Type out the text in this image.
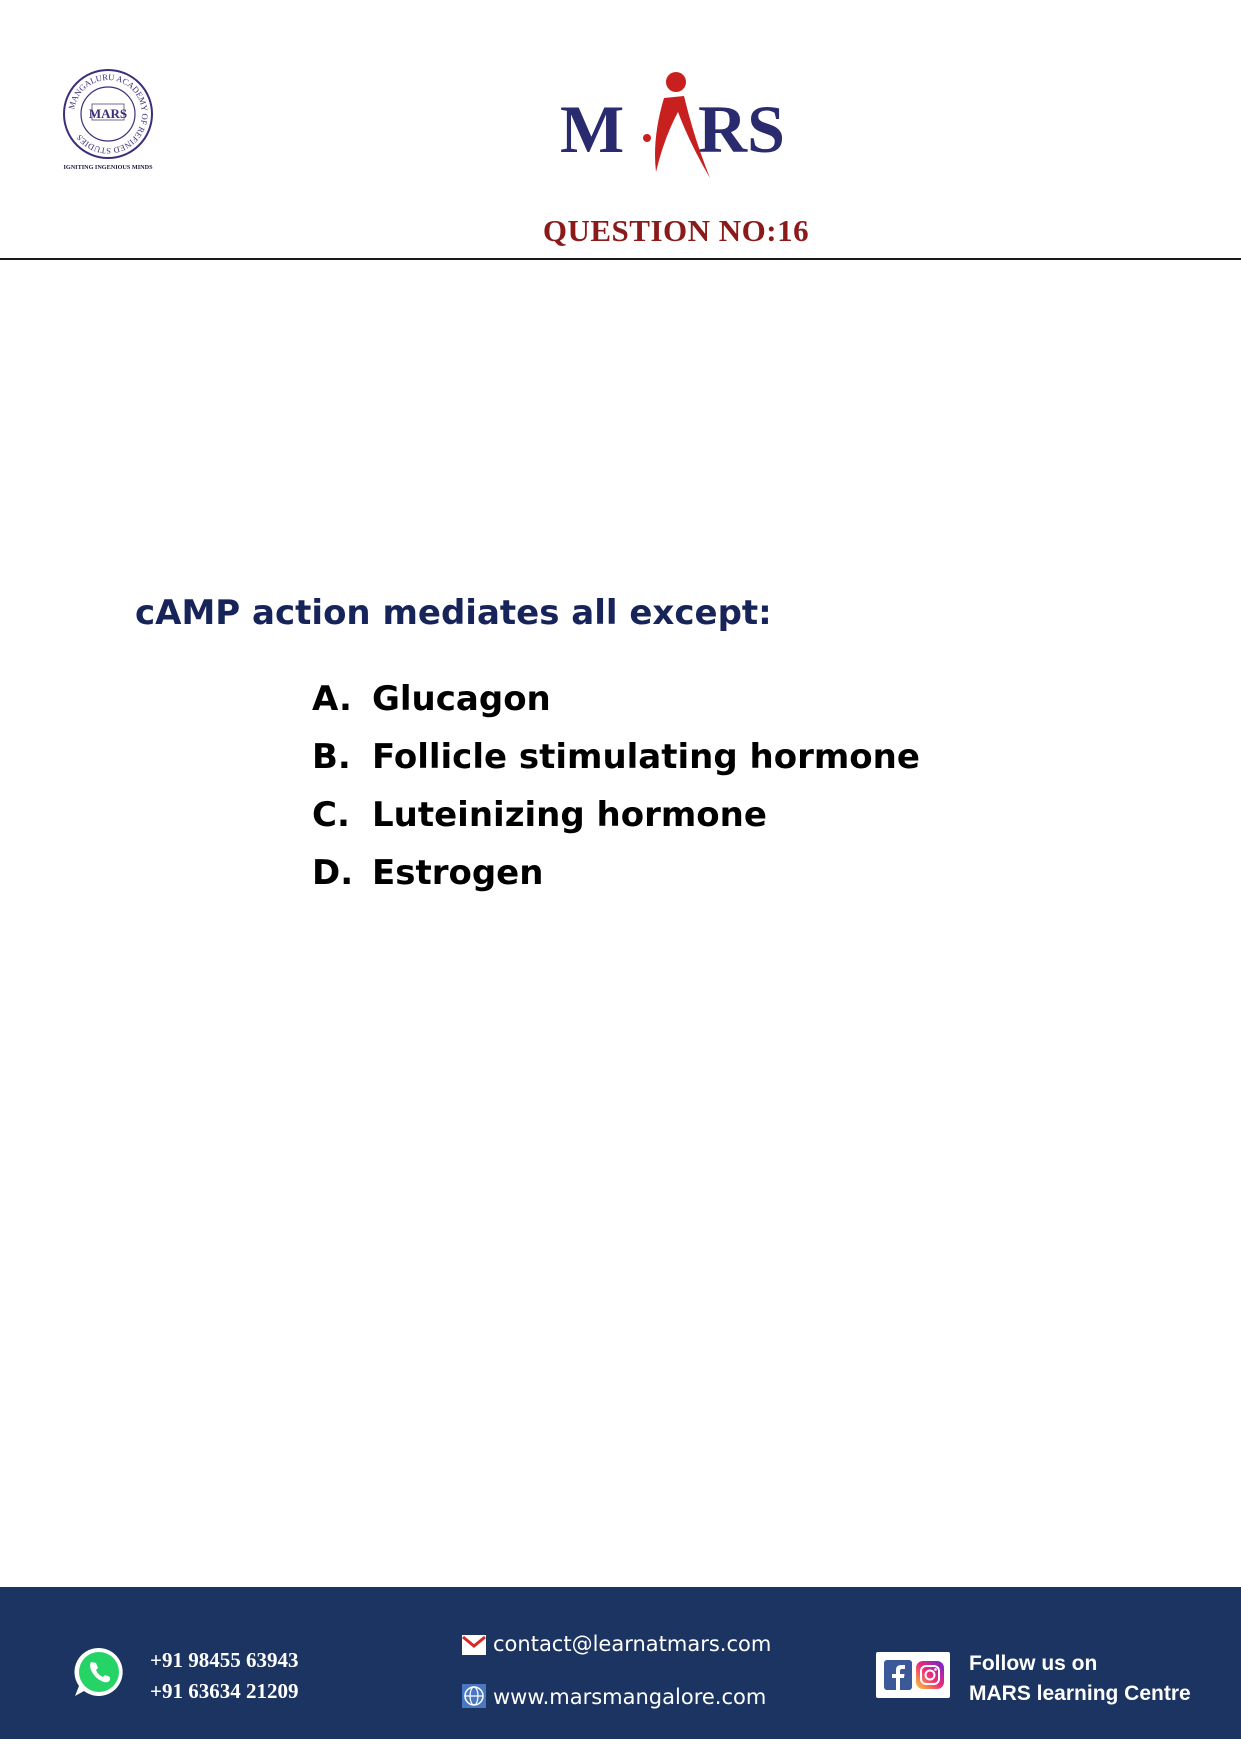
MANGALURU ACADEMY OF REFINED STUDIES
MARS
IGNITING INGENIOUS MINDS
M RS
MARS
QUESTION NO:16
cAMP action mediates all except:
A. Glucagon
B. Follicle stimulating hormone
C. Luteinizing hormone
D. Estrogen
+91 98455 63943
+91 63634 21209
contact@learnatmars.com
www.marsmangalore.com
Follow us on
MARS learning Centre
